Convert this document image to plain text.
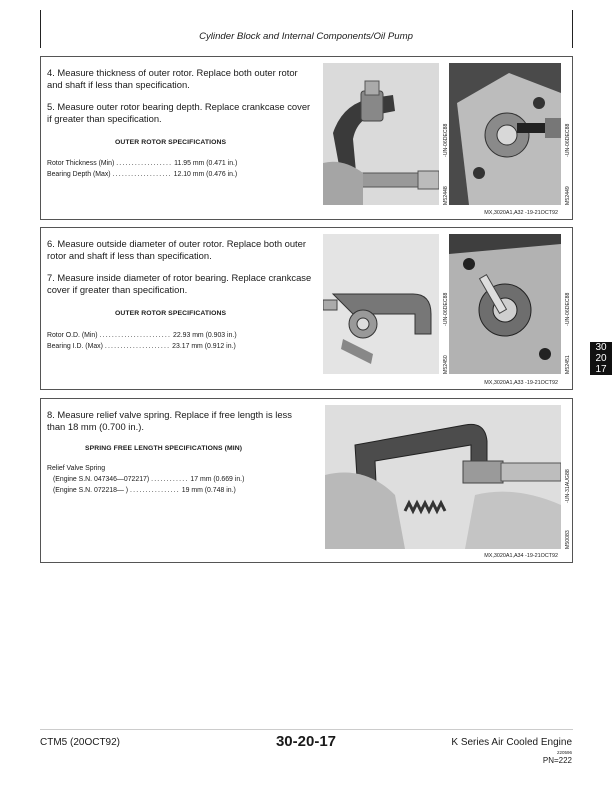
Cylinder Block and Internal Components/Oil Pump
4. Measure thickness of outer rotor. Replace both outer rotor and shaft if less than specification.
5. Measure outer rotor bearing depth. Replace crankcase cover if greater than specification.
OUTER ROTOR SPECIFICATIONS
Rotor Thickness (Min) .................. 11.95 mm (0.471 in.)
Bearing Depth (Max) ................... 12.10 mm (0.476 in.)
M52448
-UN-06DEC88
M52449
-UN-06DEC88
MX,3020A1,A32 -19-21OCT92
6. Measure outside diameter of outer rotor. Replace both outer rotor and shaft if less than specification.
7. Measure inside diameter of rotor bearing. Replace crankcase cover if greater than specification.
OUTER ROTOR SPECIFICATIONS
Rotor O.D. (Min) ....................... 22.93 mm (0.903 in.)
Bearing I.D. (Max) ..................... 23.17 mm (0.912 in.)
M52450
-UN-06DEC88
M52451
-UN-06DEC88
MX,3020A1,A33 -19-21OCT92
30
20
17
8. Measure relief valve spring. Replace if free length is less than 18 mm (0.700 in.).
SPRING FREE LENGTH SPECIFICATIONS (MIN)
Relief Valve Spring
(Engine S.N. 047346—072217) ............ 17 mm (0.669 in.)
(Engine S.N. 072218— ) ................ 19 mm (0.748 in.)
M50083
-UN-31AUG88
MX,3020A1,A34 -19-21OCT92
CTM5 (20OCT92)	30-20-17	K Series Air Cooled Engine
220596
PN=222
